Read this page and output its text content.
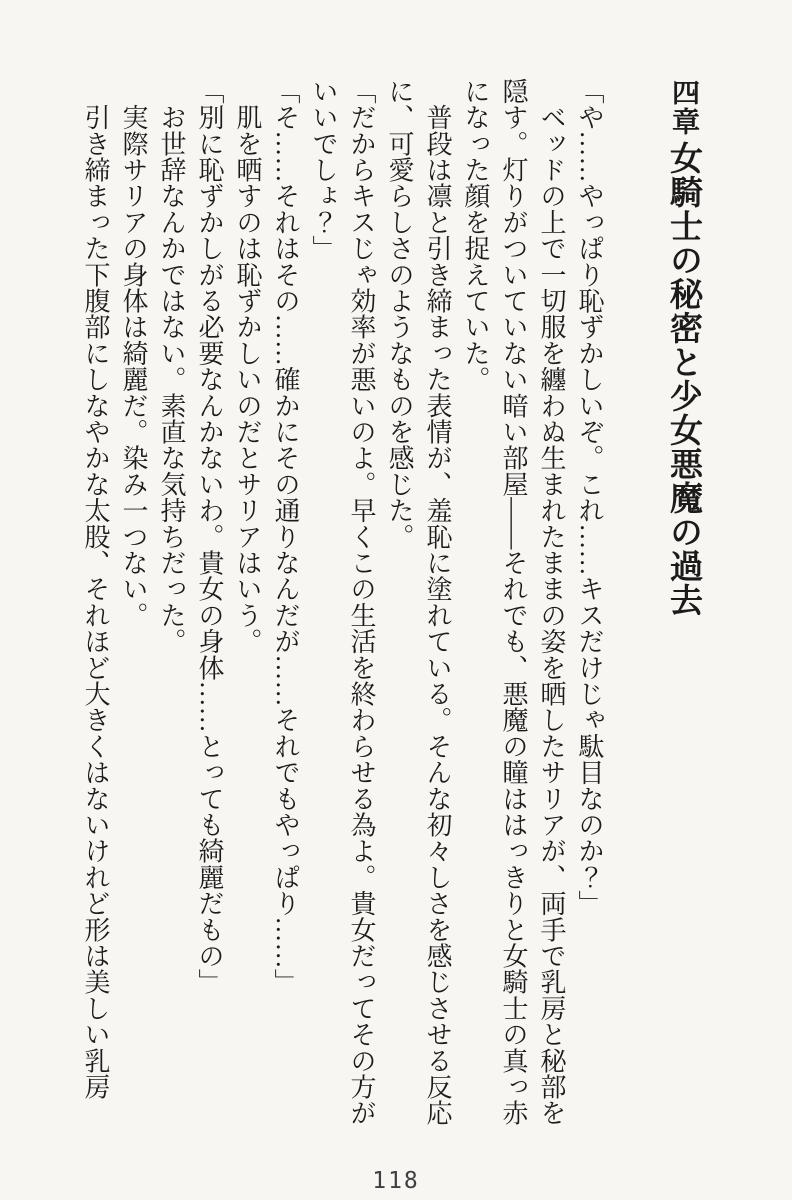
四章 女騎士の秘密と少女悪魔の過去

「や……やっぱり恥ずかしいぞ。これ……キスだけじゃ駄目なのか？」

　ベッドの上で一切服を纏わぬ生まれたままの姿を晒したサリアが、両手で乳房と秘部を隠す。灯りがついていない暗い部屋——それでも、悪魔の瞳ははっきりと女騎士の真っ赤になった顔を捉えていた。

　普段は凛と引き締まった表情が、羞恥に塗れている。そんな初々しさを感じさせる反応に、可愛らしさのようなものを感じた。

「だからキスじゃ効率が悪いのよ。早くこの生活を終わらせる為よ。貴女だってその方がいいでしょ？」

「そ……それはその……確かにその通りなんだが……それでもやっぱり……」

　肌を晒すのは恥ずかしいのだとサリアはいう。

「別に恥ずかしがる必要なんかないわ。貴女の身体……とっても綺麗だもの」

　お世辞なんかではない。素直な気持ちだった。

　実際サリアの身体は綺麗だ。染み一つない。

　引き締まった下腹部にしなやかな太股、それほど大きくはないけれど形は美しい乳房

118
